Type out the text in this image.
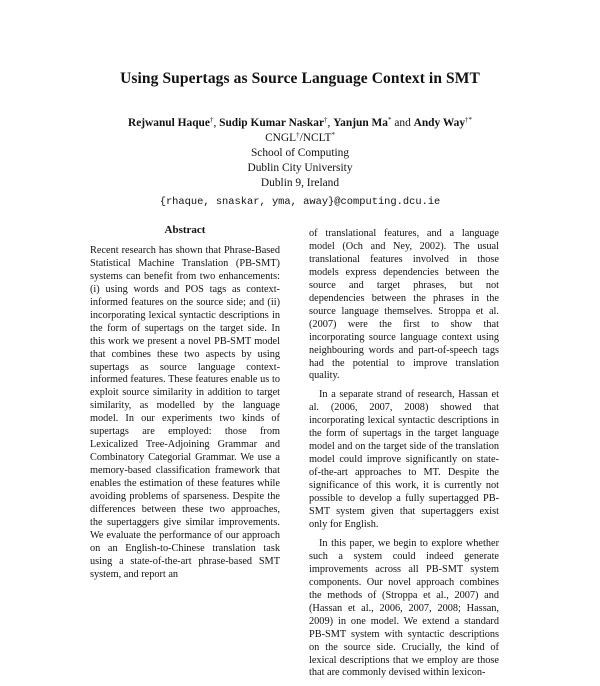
Using Supertags as Source Language Context in SMT
Rejwanul Haque†, Sudip Kumar Naskar†, Yanjun Ma* and Andy Way†*
CNGL†/NCLT*
School of Computing
Dublin City University
Dublin 9, Ireland
{rhaque, snaskar, yma, away}@computing.dcu.ie
Abstract

Recent research has shown that Phrase-Based Statistical Machine Translation (PB-SMT) systems can benefit from two enhancements: (i) using words and POS tags as context-informed features on the source side; and (ii) incorporating lexical syntactic descriptions in the form of supertags on the target side. In this work we present a novel PB-SMT model that combines these two aspects by using supertags as source language context-informed features. These features enable us to exploit source similarity in addition to target similarity, as modelled by the language model. In our experiments two kinds of supertags are employed: those from Lexicalized Tree-Adjoining Grammar and Combinatory Categorial Grammar. We use a memory-based classification framework that enables the estimation of these features while avoiding problems of sparseness. Despite the differences between these two approaches, the supertaggers give similar improvements. We evaluate the performance of our approach on an English-to-Chinese translation task using a state-of-the-art phrase-based SMT system, and report an

of translational features, and a language model (Och and Ney, 2002). The usual translational features involved in those models express dependencies between the source and target phrases, but not dependencies between the phrases in the source language themselves. Stroppa et al. (2007) were the first to show that incorporating source language context using neighbouring words and part-of-speech tags had the potential to improve translation quality.

In a separate strand of research, Hassan et al. (2006, 2007, 2008) showed that incorporating lexical syntactic descriptions in the form of supertags in the target language model and on the target side of the translation model could improve significantly on state-of-the-art approaches to MT. Despite the significance of this work, it is currently not possible to develop a fully supertagged PB-SMT system given that supertaggers exist only for English.

In this paper, we begin to explore whether such a system could indeed generate improvements across all PB-SMT system components. Our novel approach combines the methods of (Stroppa et al., 2007) and (Hassan et al., 2006, 2007, 2008; Hassan, 2009) in one model. We extend a standard PB-SMT system with syntactic descriptions on the source side. Crucially, the kind of lexical descriptions that we employ are those that are commonly devised within lexicon-
